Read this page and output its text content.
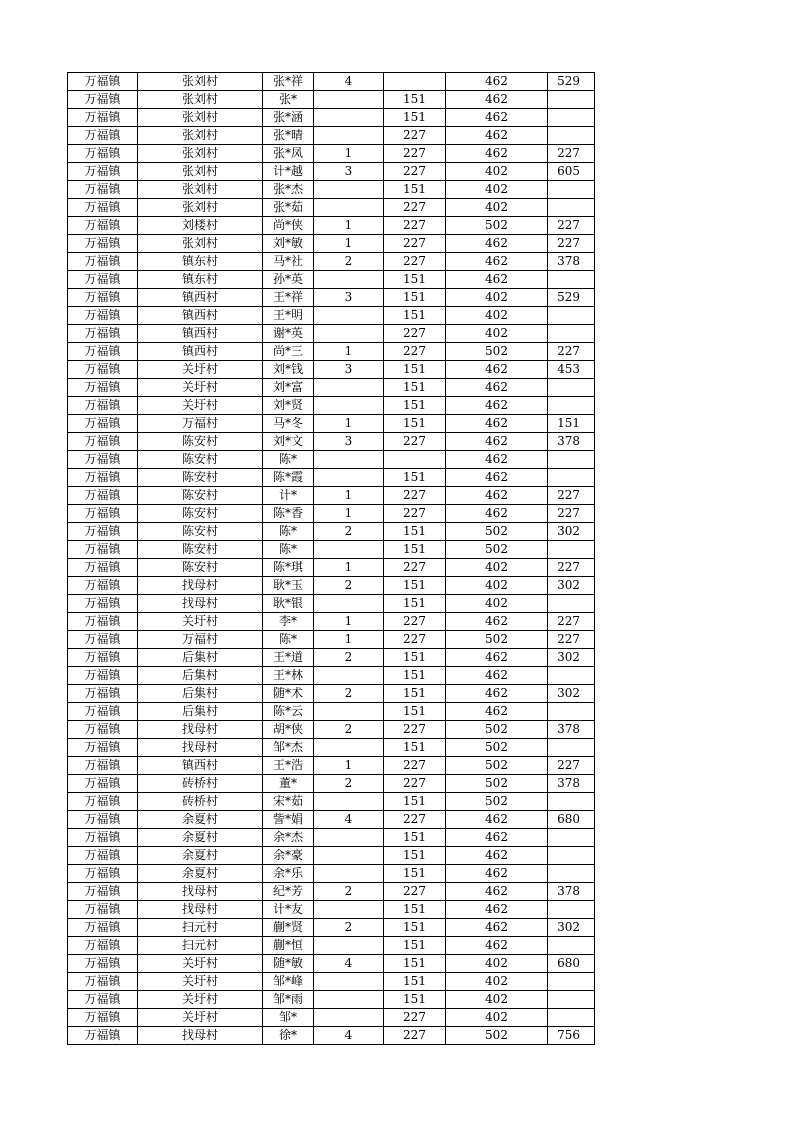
万福镇	张刘村	张*祥	4		462	529
万福镇	张刘村	张*		151	462	
万福镇	张刘村	张*涵		151	462	
万福镇	张刘村	张*晴		227	462	
万福镇	张刘村	张*凤	1	227	462	227
万福镇	张刘村	计*越	3	227	402	605
万福镇	张刘村	张*杰		151	402	
万福镇	张刘村	张*茹		227	402	
万福镇	刘楼村	尚*侠	1	227	502	227
万福镇	张刘村	刘*敏	1	227	462	227
万福镇	镇东村	马*社	2	227	462	378
万福镇	镇东村	孙*英		151	462	
万福镇	镇西村	王*祥	3	151	402	529
万福镇	镇西村	王*明		151	402	
万福镇	镇西村	谢*英		227	402	
万福镇	镇西村	尚*三	1	227	502	227
万福镇	关圩村	刘*钱	3	151	462	453
万福镇	关圩村	刘*富		151	462	
万福镇	关圩村	刘*贤		151	462	
万福镇	万福村	马*冬	1	151	462	151
万福镇	陈安村	刘*文	3	227	462	378
万福镇	陈安村	陈*			462	
万福镇	陈安村	陈*霞		151	462	
万福镇	陈安村	计*	1	227	462	227
万福镇	陈安村	陈*香	1	227	462	227
万福镇	陈安村	陈*	2	151	502	302
万福镇	陈安村	陈*		151	502	
万福镇	陈安村	陈*琪	1	227	402	227
万福镇	找母村	耿*玉	2	151	402	302
万福镇	找母村	耿*银		151	402	
万福镇	关圩村	李*	1	227	462	227
万福镇	万福村	陈*	1	227	502	227
万福镇	后集村	王*道	2	151	462	302
万福镇	后集村	王*林		151	462	
万福镇	后集村	随*术	2	151	462	302
万福镇	后集村	陈*云		151	462	
万福镇	找母村	胡*侠	2	227	502	378
万福镇	找母村	邹*杰		151	502	
万福镇	镇西村	王*浩	1	227	502	227
万福镇	砖桥村	董*	2	227	502	378
万福镇	砖桥村	宋*茹		151	502	
万福镇	余夏村	訾*娟	4	227	462	680
万福镇	余夏村	余*杰		151	462	
万福镇	余夏村	余*豪		151	462	
万福镇	余夏村	余*乐		151	462	
万福镇	找母村	纪*芳	2	227	462	378
万福镇	找母村	计*友		151	462	
万福镇	扫元村	蒯*贤	2	151	462	302
万福镇	扫元村	蒯*恒		151	462	
万福镇	关圩村	随*敏	4	151	402	680
万福镇	关圩村	邹*峰		151	402	
万福镇	关圩村	邹*雨		151	402	
万福镇	关圩村	邹*		227	402	
万福镇	找母村	徐*	4	227	502	756
